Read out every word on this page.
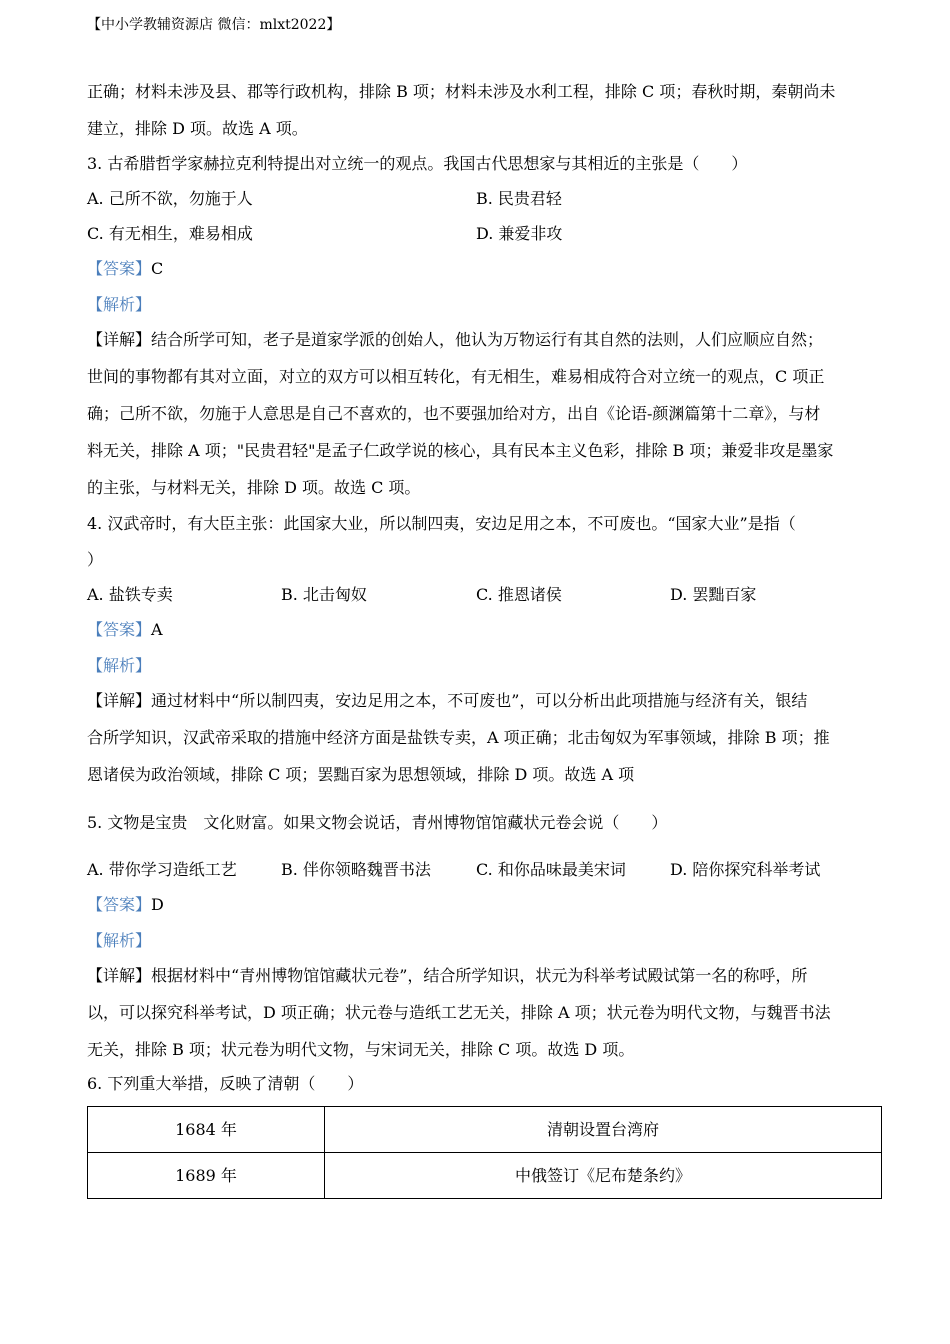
【中小学教辅资源店 微信：mlxt2022】
正确；材料未涉及县、郡等行政机构，排除 B 项；材料未涉及水利工程，排除 C 项；春秋时期，秦朝尚未
建立，排除 D 项。故选 A 项。
3. 古希腊哲学家赫拉克利特提出对立统一的观点。我国古代思想家与其相近的主张是（　　）
A. 己所不欲，勿施于人	B. 民贵君轻
C. 有无相生，难易相成	D. 兼爱非攻
【答案】C
【解析】
【详解】结合所学可知，老子是道家学派的创始人，他认为万物运行有其自然的法则，人们应顺应自然；
世间的事物都有其对立面，对立的双方可以相互转化，有无相生，难易相成符合对立统一的观点，C 项正
确；己所不欲，勿施于人意思是自己不喜欢的，也不要强加给对方，出自《论语-颜渊篇第十二章》，与材
料无关，排除 A 项；"民贵君轻"是孟子仁政学说的核心，具有民本主义色彩，排除 B 项；兼爱非攻是墨家
的主张，与材料无关，排除 D 项。故选 C 项。
4. 汉武帝时，有大臣主张：此国家大业，所以制四夷，安边足用之本，不可废也。“国家大业”是指（
）
A. 盐铁专卖	B. 北击匈奴	C. 推恩诸侯	D. 罢黜百家
【答案】A
【解析】
【详解】通过材料中“所以制四夷，安边足用之本，不可废也”，可以分析出此项措施与经济有关，银结
合所学知识，汉武帝采取的措施中经济方面是盐铁专卖，A 项正确；北击匈奴为军事领域，排除 B 项；推
恩诸侯为政治领域，排除 C 项；罢黜百家为思想领域，排除 D 项。故选 A 项
5. 文物是宝贵　文化财富。如果文物会说话，青州博物馆馆藏状元卷会说（　　）
A. 带你学习造纸工艺	B. 伴你领略魏晋书法	C. 和你品味最美宋词	D. 陪你探究科举考试
【答案】D
【解析】
【详解】根据材料中“青州博物馆馆藏状元卷”，结合所学知识，状元为科举考试殿试第一名的称呼，所
以，可以探究科举考试，D 项正确；状元卷与造纸工艺无关，排除 A 项；状元卷为明代文物，与魏晋书法
无关，排除 B 项；状元卷为明代文物，与宋词无关，排除 C 项。故选 D 项。
6. 下列重大举措，反映了清朝（　　）
1684 年	清朝设置台湾府
1689 年	中俄签订《尼布楚条约》
